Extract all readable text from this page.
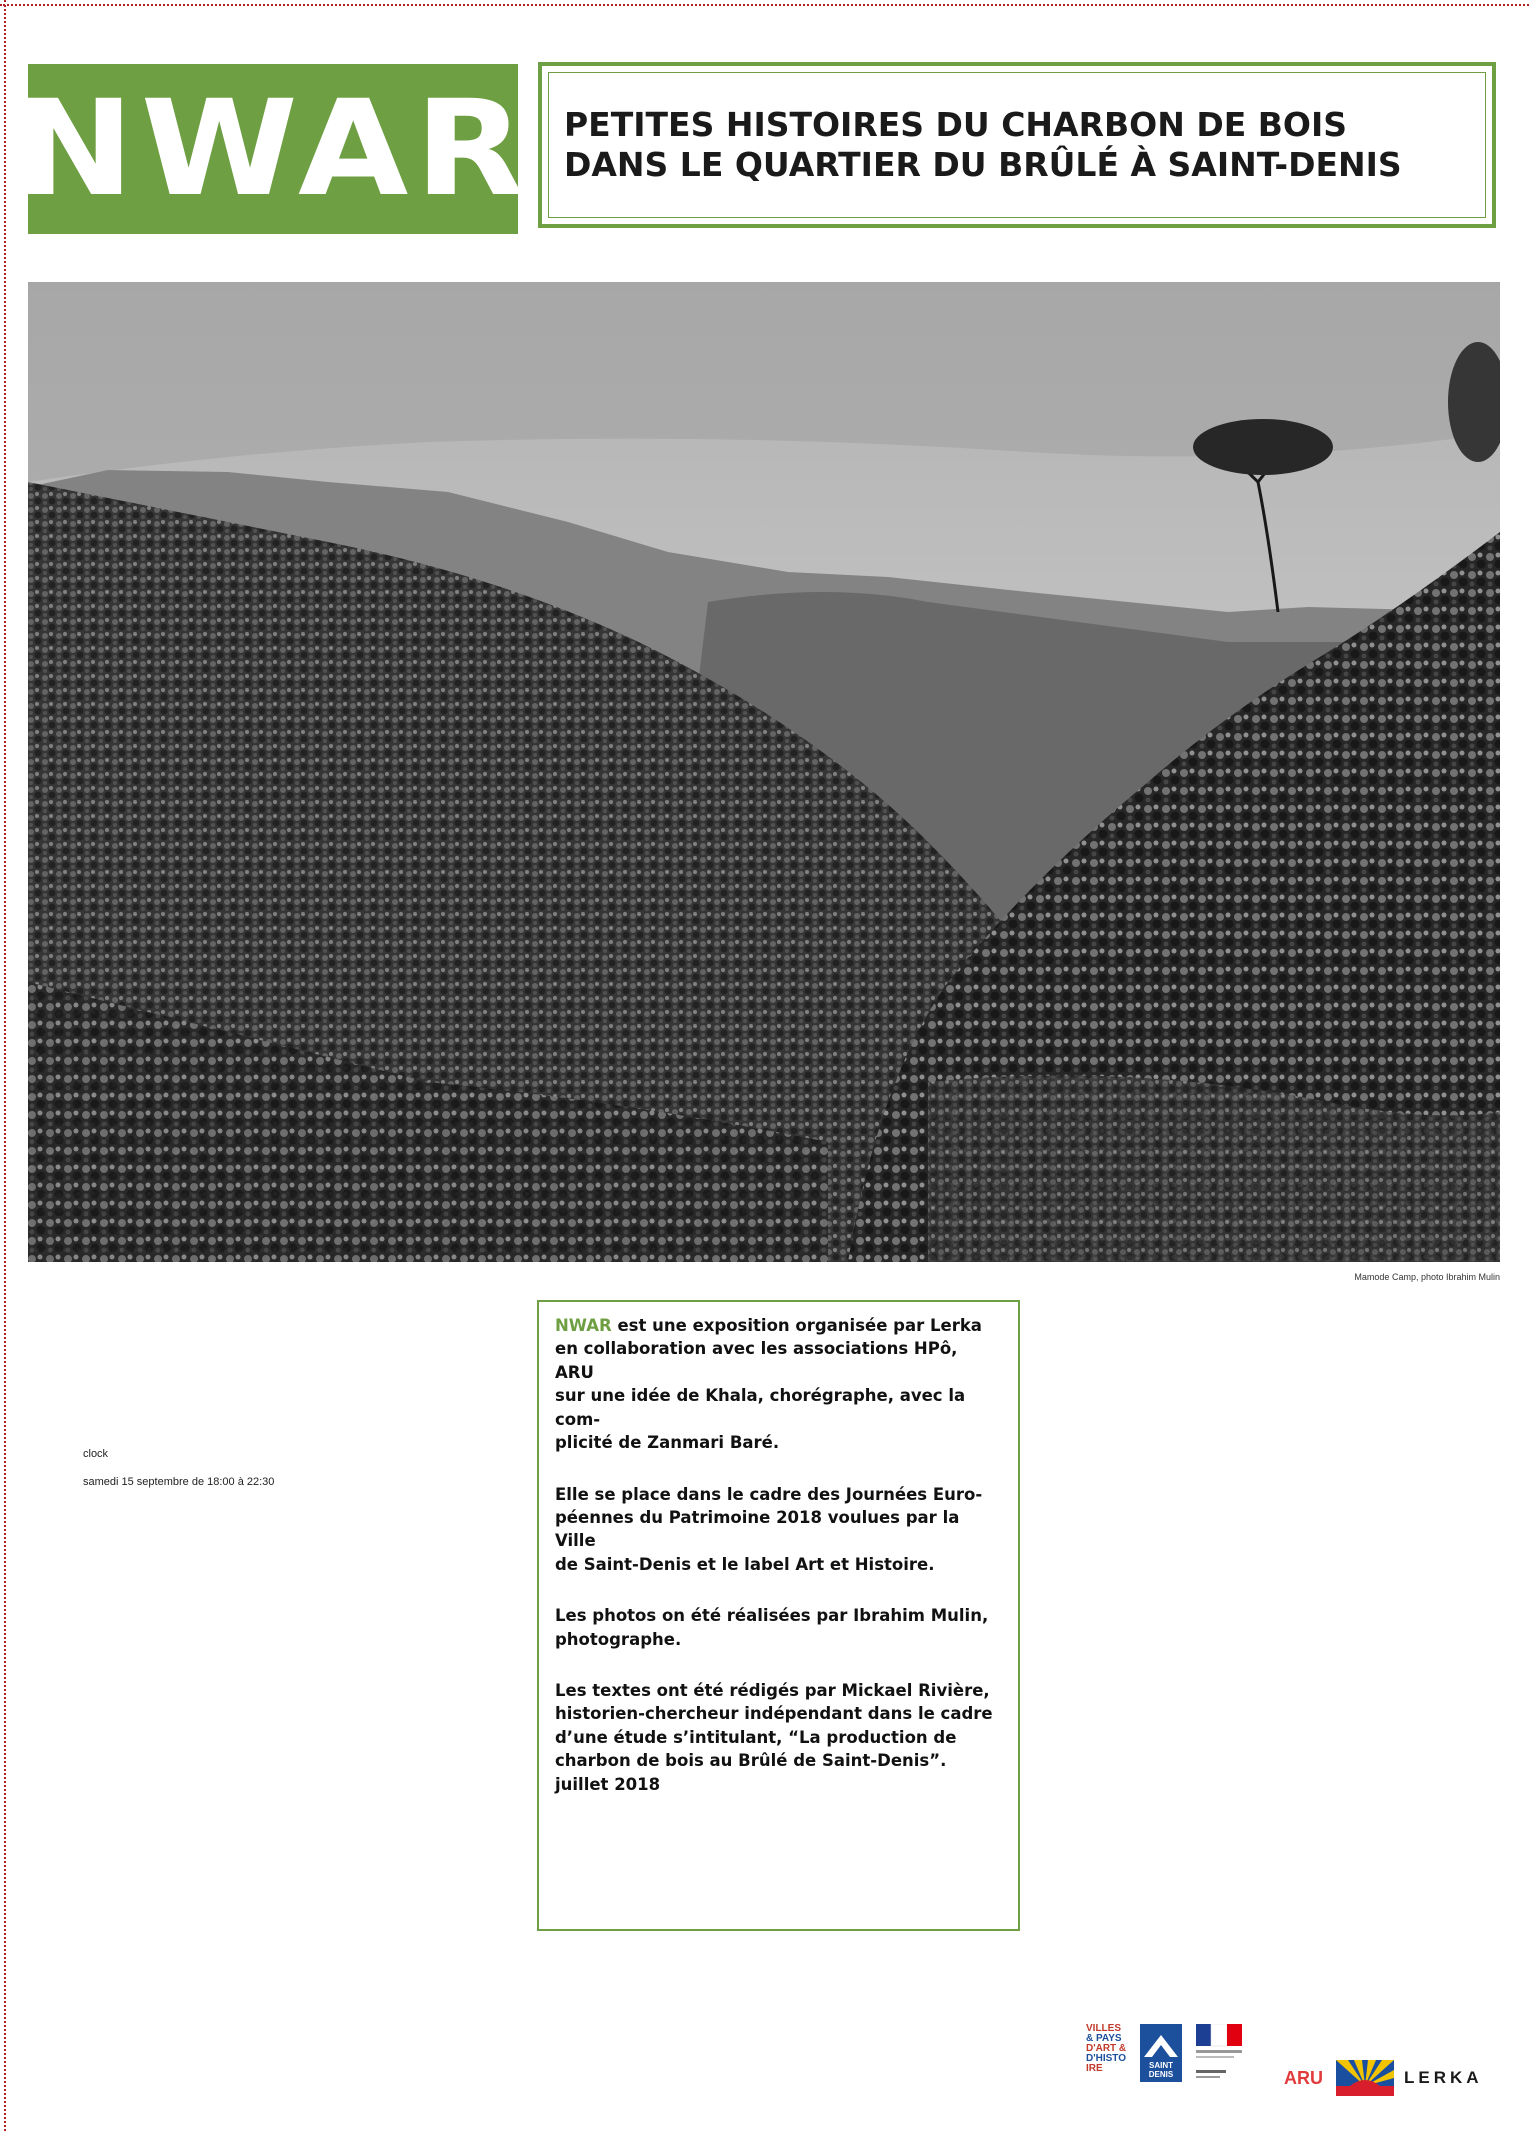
NWAR PETITES HISTOIRES DU CHARBON DE BOIS
DANS LE QUARTIER DU BRÛLÉ À SAINT-DENIS
Mamode Camp, photo Ibrahim Mulin
clock
samedi 15 septembre de 18:00 à 22:30

NWAR est une exposition organisée par Lerka
en collaboration avec les associations HPô, ARU
sur une idée de Khala, chorégraphe, avec la com-
plicité de Zanmari Baré.

Elle se place dans le cadre des Journées Euro-
péennes du Patrimoine 2018 voulues par la Ville
de Saint-Denis et le label Art et Histoire.

Les photos on été réalisées par Ibrahim Mulin,
photographe.

Les textes ont été rédigés par Mickael Rivière,
historien-chercheur indépendant dans le cadre
d’une étude s’intitulant, “La production de
charbon de bois au Brûlé de Saint-Denis”.
juillet 2018

VILLES
& PAYS
D'ART &
D'HISTO
IRE	SAINT DENIS	ARU	LERKA
